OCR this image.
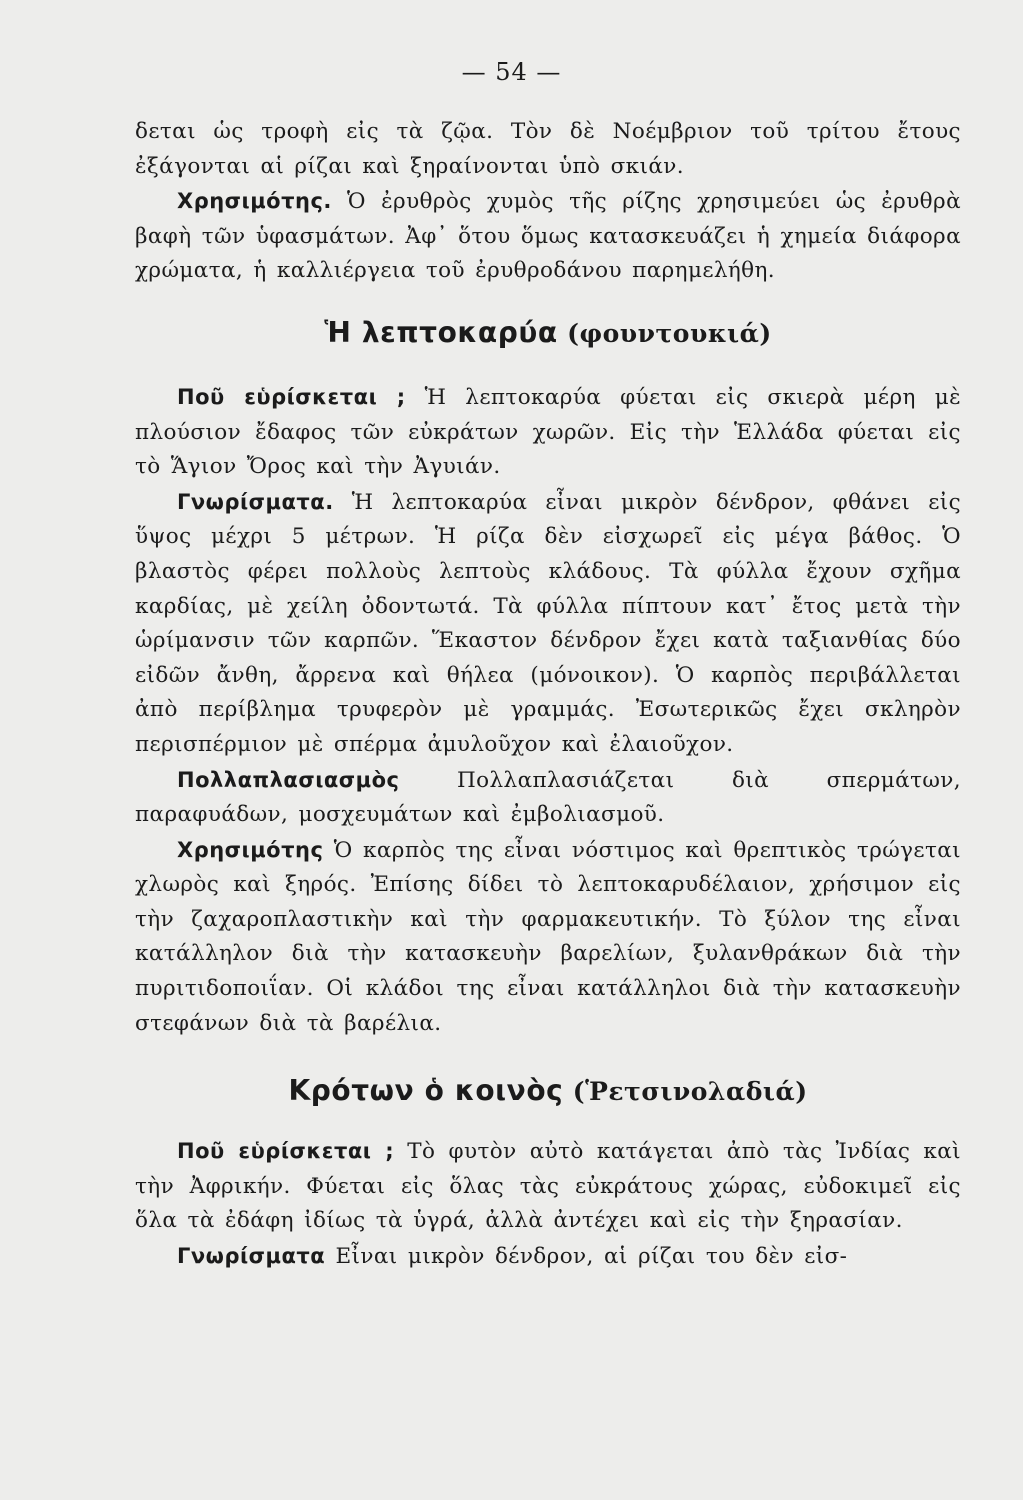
— 54 —

δεται ὡς τροφὴ εἰς τὰ ζῷα. Τὸν δὲ Νοέμβριον τοῦ τρίτου ἔτους ἐξάγονται αἱ ρίζαι καὶ ξηραίνονται ὑπὸ σκιάν.

Χρησιμότης. Ὁ ἐρυθρὸς χυμὸς τῆς ρίζης χρησιμεύει ὡς ἐρυθρὰ βαφὴ τῶν ὑφασμάτων. Ἀφ᾽ ὅτου ὅμως κατασκευάζει ἡ χημεία διάφορα χρώματα, ἡ καλλιέργεια τοῦ ἐρυθροδάνου παρημελήθη.

Ἡ λεπτοκαρύα (φουντουκιά)

Ποῦ εὑρίσκεται ; Ἡ λεπτοκαρύα φύεται εἰς σκιερὰ μέρη μὲ πλούσιον ἔδαφος τῶν εὐκράτων χωρῶν. Εἰς τὴν Ἑλλάδα φύεται εἰς τὸ Ἅγιον Ὄρος καὶ τὴν Ἀγυιάν.

Γνωρίσματα. Ἡ λεπτοκαρύα εἶναι μικρὸν δένδρον, φθάνει εἰς ὕψος μέχρι 5 μέτρων. Ἡ ρίζα δὲν εἰσχωρεῖ εἰς μέγα βάθος. Ὁ βλαστὸς φέρει πολλοὺς λεπτοὺς κλάδους. Τὰ φύλλα ἔχουν σχῆμα καρδίας, μὲ χείλη ὀδοντωτά. Τὰ φύλλα πίπτουν κατ᾽ ἔτος μετὰ τὴν ὡρίμανσιν τῶν καρπῶν. Ἕκαστον δένδρον ἔχει κατὰ ταξιανθίας δύο εἰδῶν ἄνθη, ἄρρενα καὶ θήλεα (μόνοικον). Ὁ καρπὸς περιβάλλεται ἀπὸ περίβλημα τρυφερὸν μὲ γραμμάς. Ἐσωτερικῶς ἔχει σκληρὸν περισπέρμιον μὲ σπέρμα ἀμυλοῦχον καὶ ἐλαιοῦχον.

Πολλαπλασιασμὸς	Πολλαπλασιάζεται διὰ σπερμάτων, παραφυάδων, μοσχευμάτων καὶ ἐμβολιασμοῦ.

Χρησιμότης Ὁ καρπὸς της εἶναι νόστιμος καὶ θρεπτικὸς τρώγεται χλωρὸς καὶ ξηρός. Ἐπίσης δίδει τὸ λεπτοκαρυδέλαιον, χρήσιμον εἰς τὴν ζαχαροπλαστικὴν καὶ τὴν φαρμακευτικήν. Τὸ ξύλον της εἶναι κατάλληλον διὰ τὴν κατασκευὴν βαρελίων, ξυλανθράκων διὰ τὴν πυριτιδοποιΐαν. Οἱ κλάδοι της εἶναι κατάλληλοι διὰ τὴν κατασκευὴν στεφάνων διὰ τὰ βαρέλια.

Κρότων ὁ κοινὸς (Ῥετσινολαδιά)

Ποῦ εὑρίσκεται ; Τὸ φυτὸν αὐτὸ κατάγεται ἀπὸ τὰς Ἰνδίας καὶ τὴν Ἀφρικήν. Φύεται εἰς ὅλας τὰς εὐκράτους χώρας, εὐδοκιμεῖ εἰς ὅλα τὰ ἐδάφη ἰδίως τὰ ὑγρά, ἀλλὰ ἀντέχει καὶ εἰς τὴν ξηρασίαν.

Γνωρίσματα Εἶναι μικρὸν δένδρον, αἱ ρίζαι του δὲν εἰσ-
